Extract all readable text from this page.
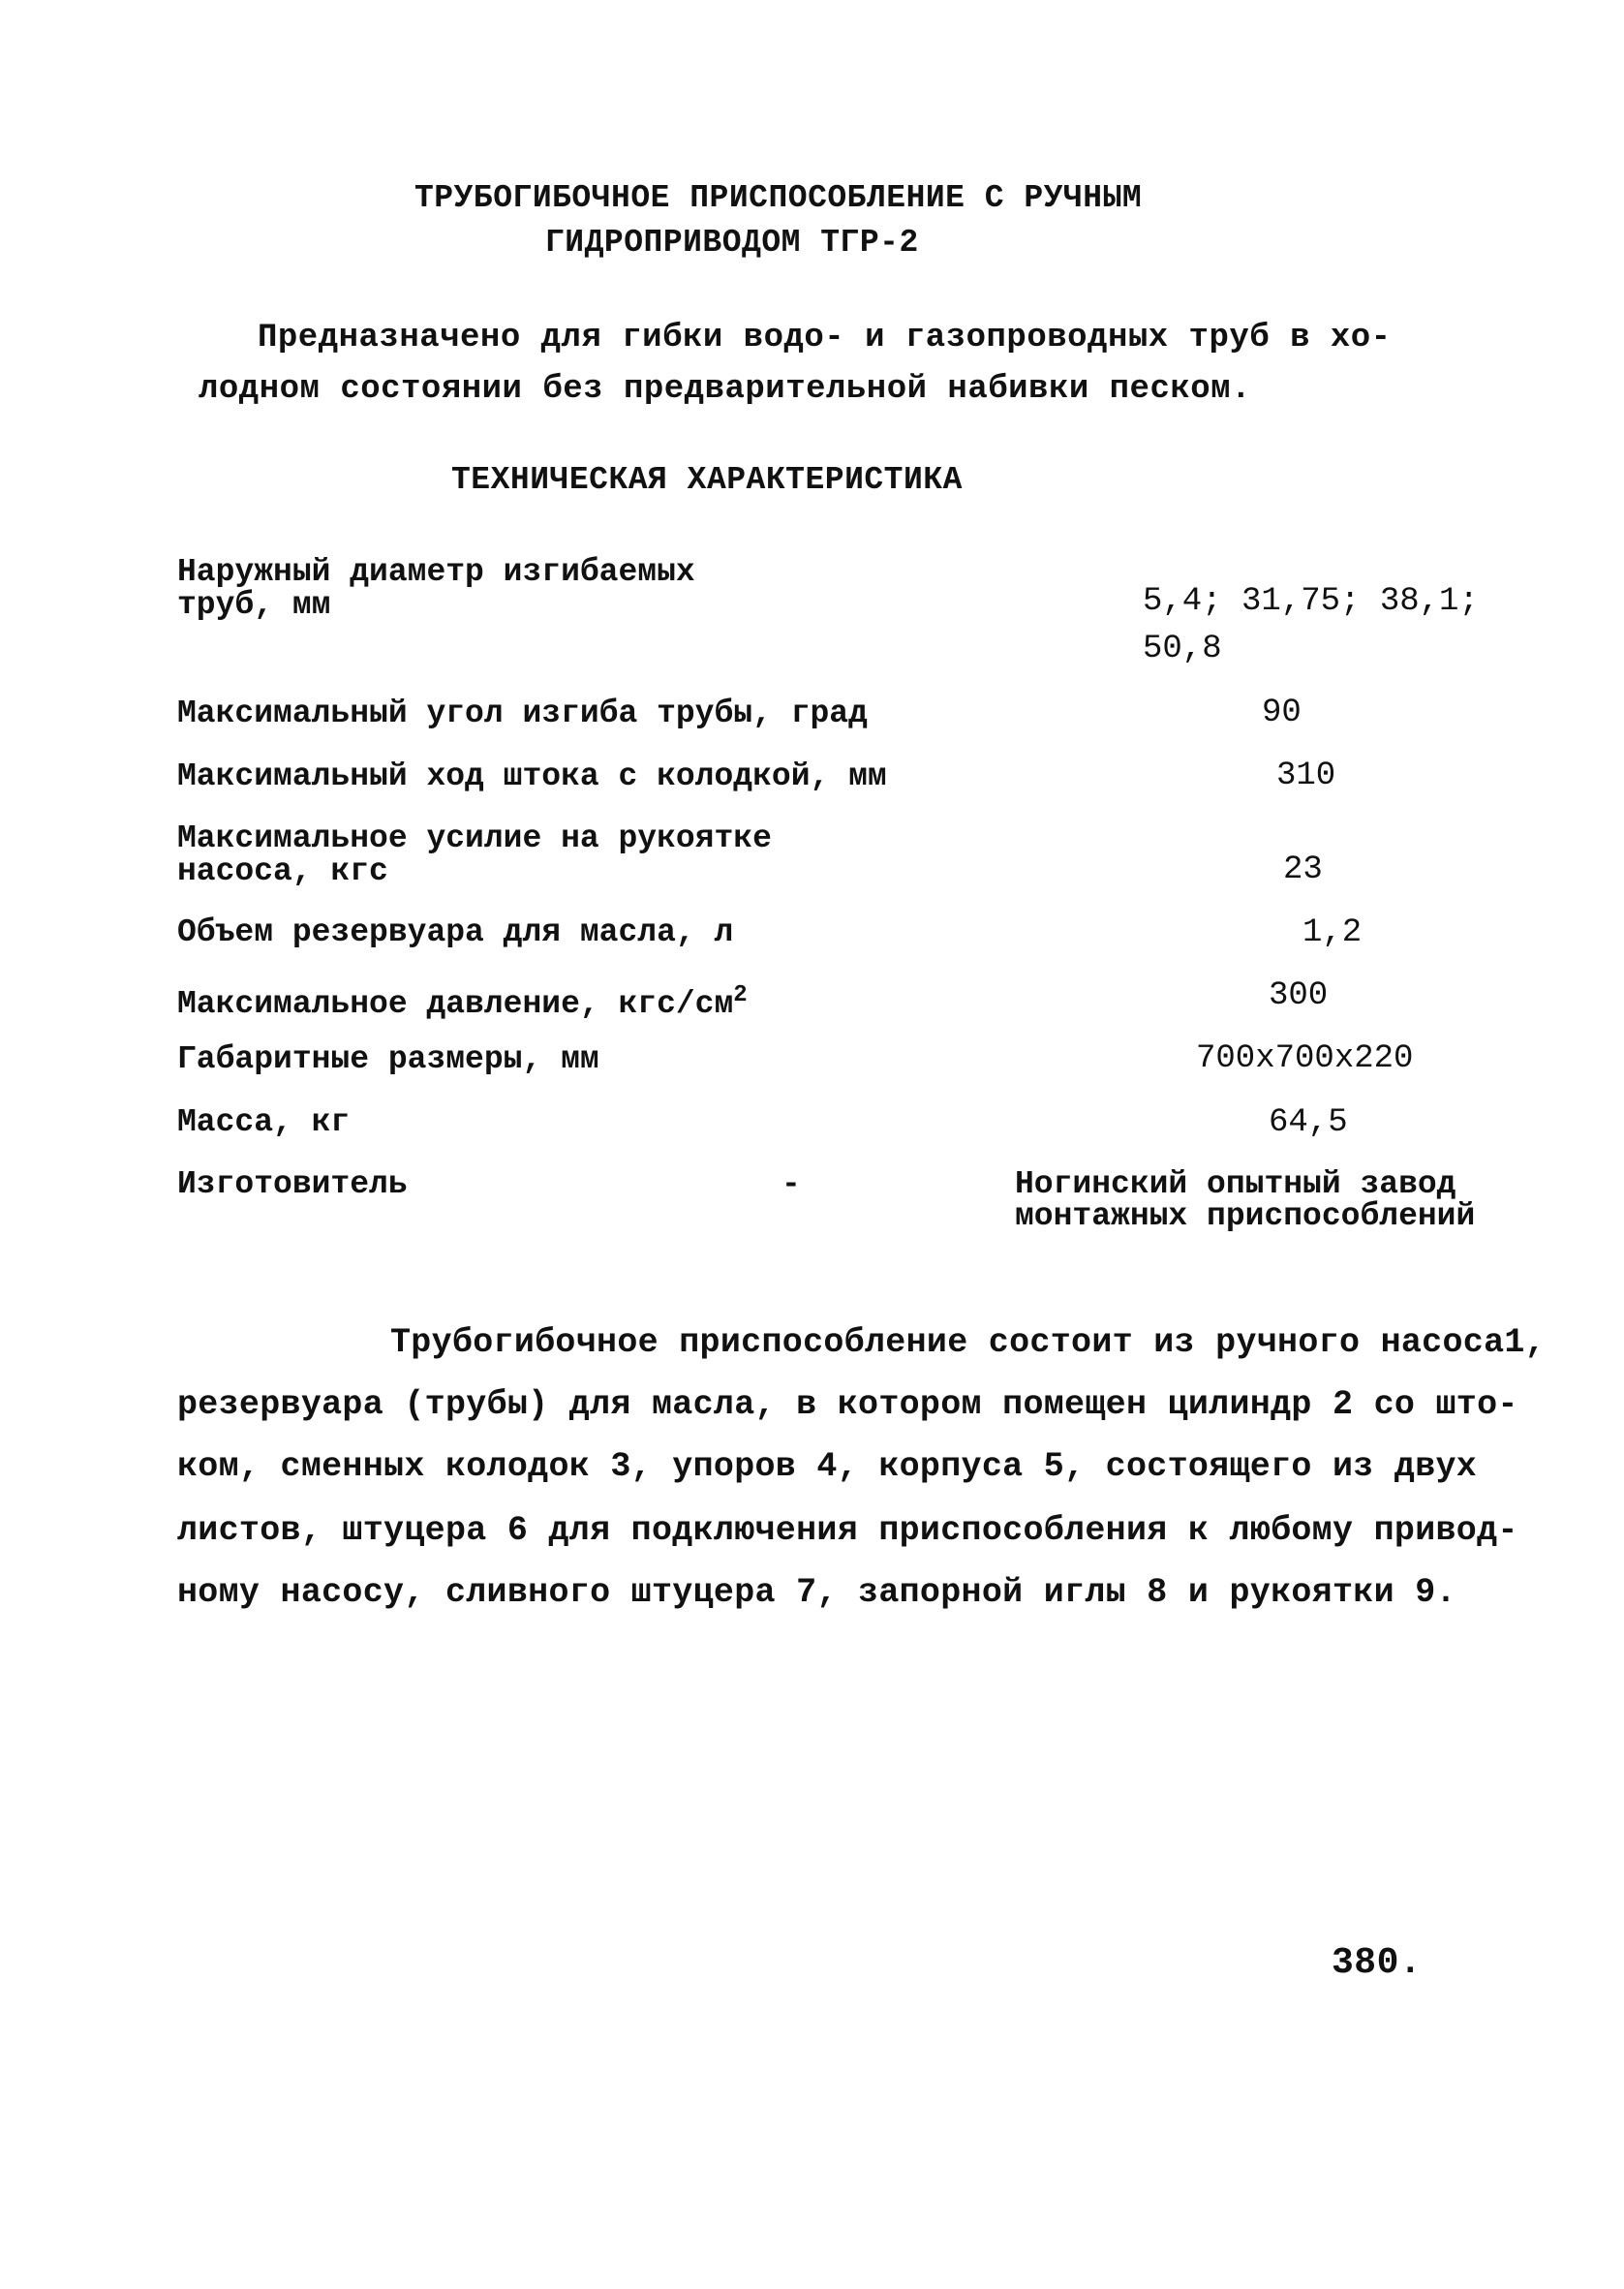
ТРУБОГИБОЧНОЕ ПРИСПОСОБЛЕНИЕ С РУЧНЫМ
ГИДРОПРИВОДОМ ТГР-2
Предназначено для гибки водо- и газопроводных труб в хо-
лодном состоянии без предварительной набивки песком.
ТЕХНИЧЕСКАЯ ХАРАКТЕРИСТИКА
Наружный диаметр изгибаемых
труб, мм	5,4; 31,75; 38,1;
50,8
Максимальный угол изгиба трубы, град	90
Максимальный ход штока с колодкой, мм	310
Максимальное усилие на рукоятке
насоса, кгс	23
Объем резервуара для масла, л	1,2
Максимальное давление, кгс/$см^2$	300
Габаритные размеры, мм	700x700x220
Масса, кг	64,5
Изготовитель	-	Ногинский опытный завод
монтажных приспособлений
Трубогибочное приспособление состоит из ручного насоса1,
резервуара (трубы) для масла, в котором помещен цилиндр 2 со што-
ком, сменных колодок 3, упоров 4, корпуса 5, состоящего из двух
листов, штуцера 6 для подключения приспособления к любому привод-
ному насосу, сливного штуцера 7, запорной иглы 8 и рукоятки 9.
380.
